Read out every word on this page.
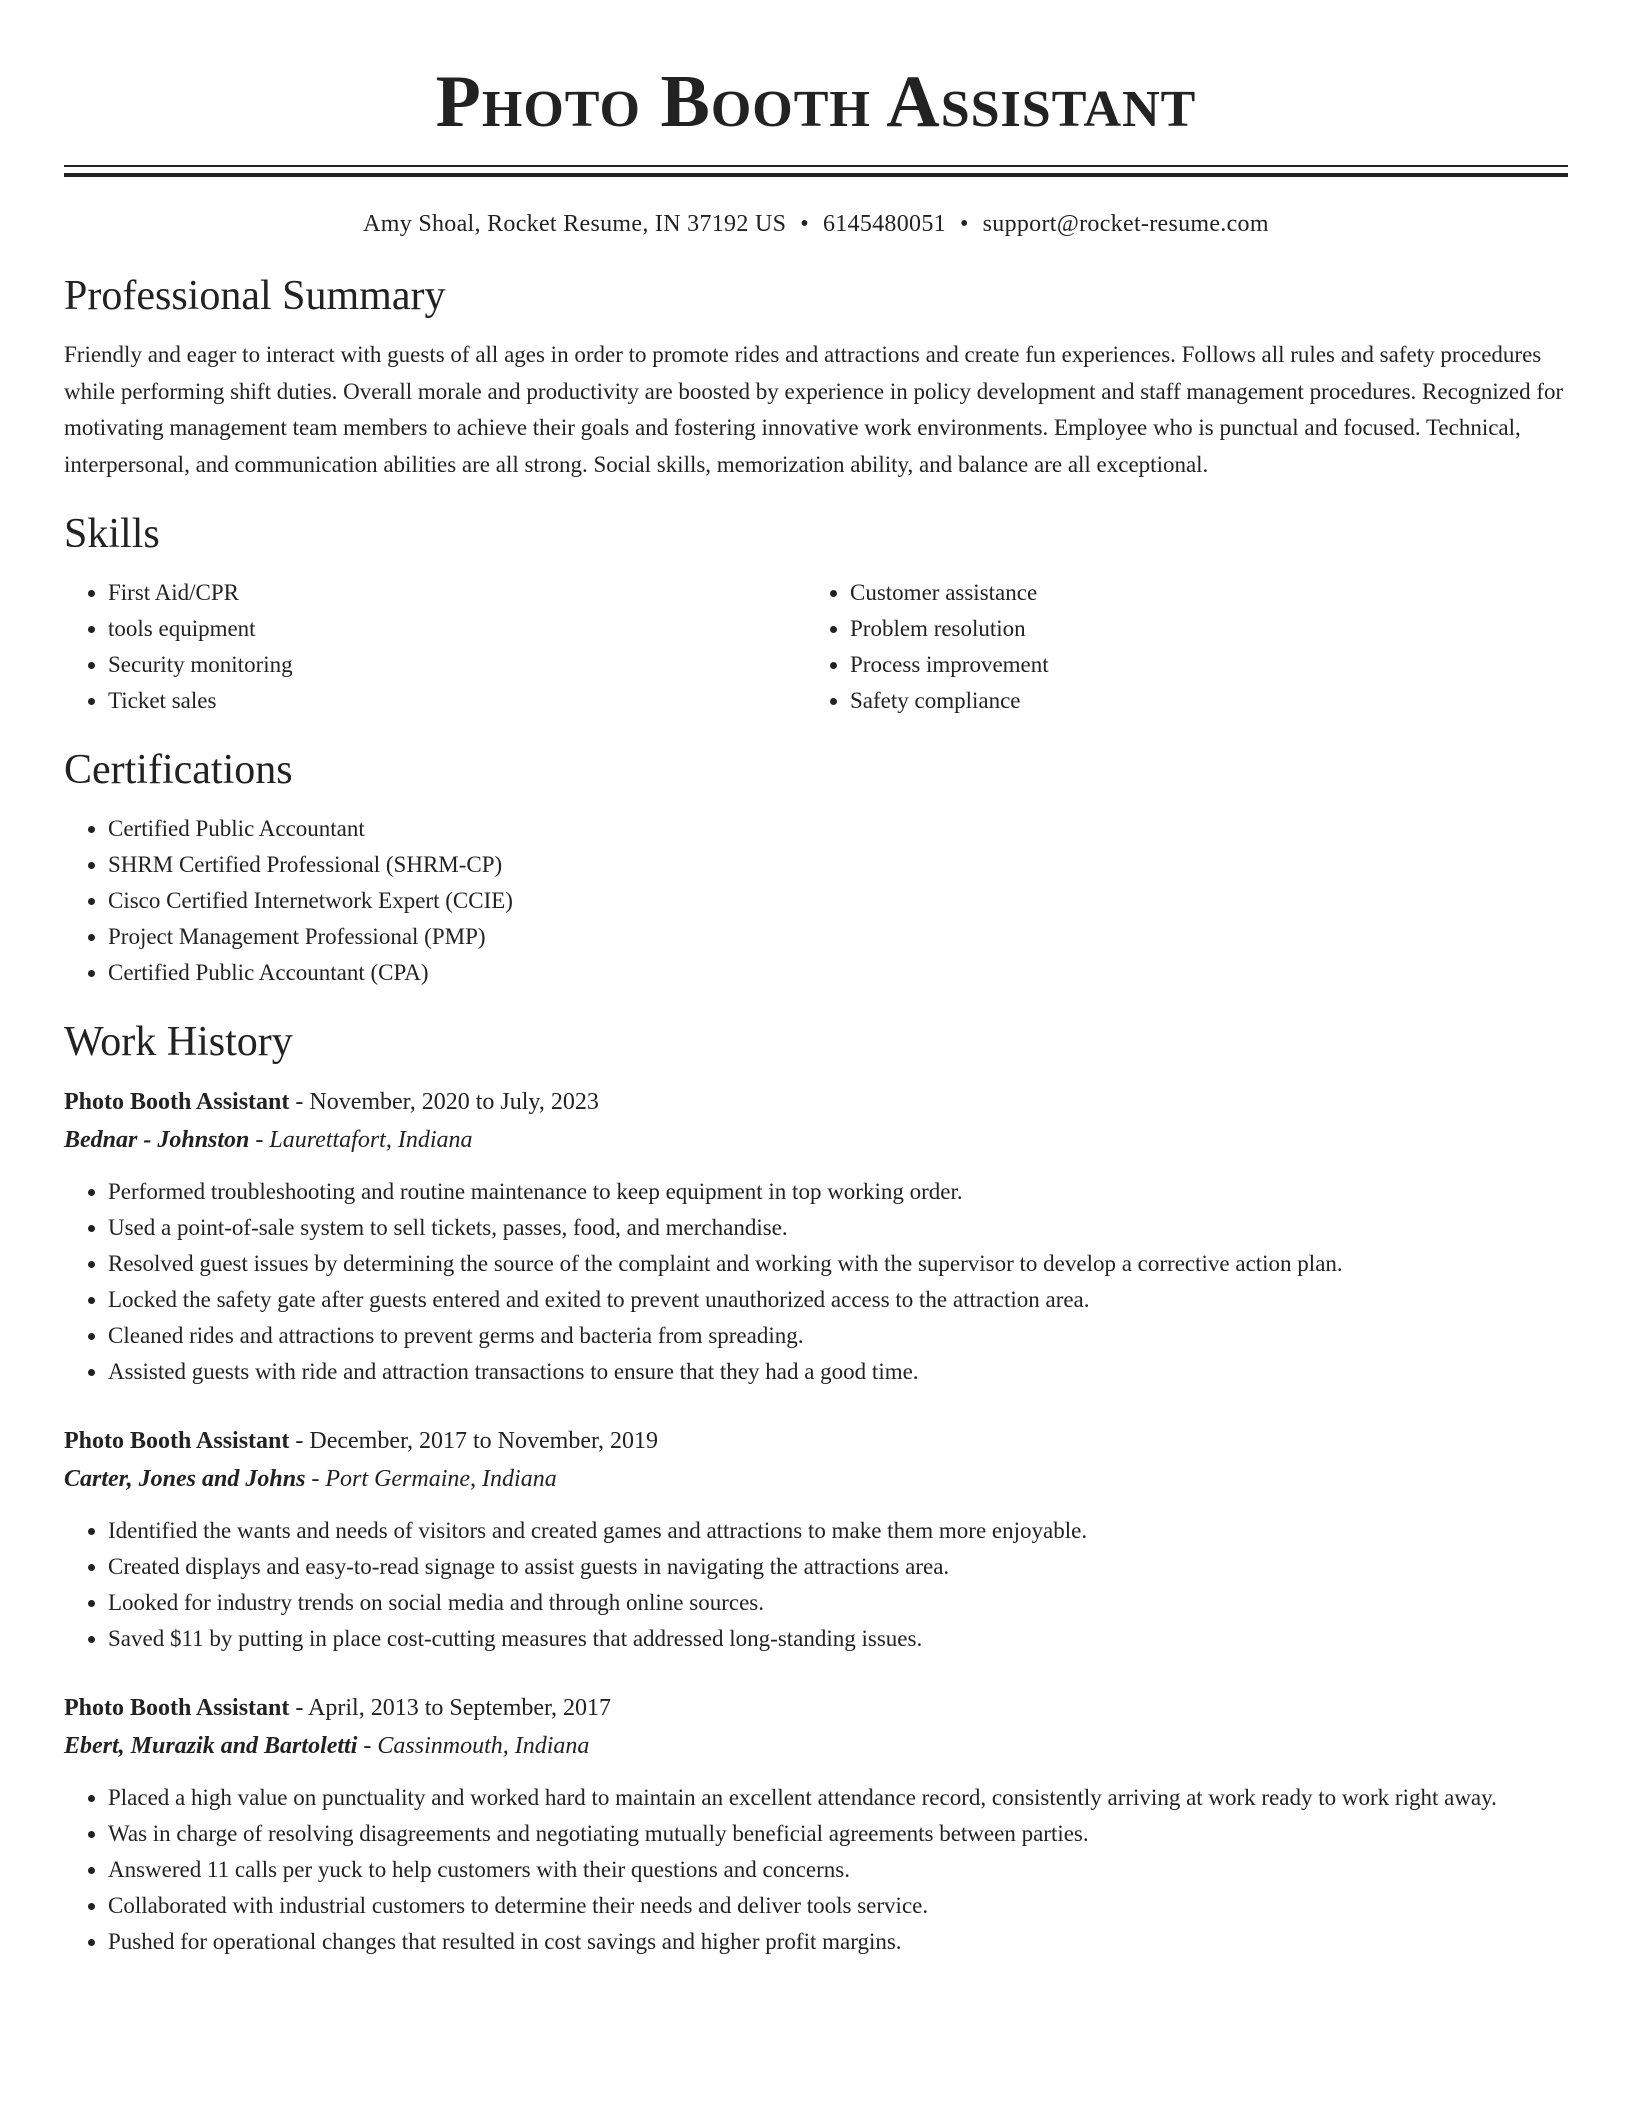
Photo Booth Assistant
Amy Shoal, Rocket Resume, IN 37192 US • 6145480051 • support@rocket-resume.com
Professional Summary

Friendly and eager to interact with guests of all ages in order to promote rides and attractions and create fun experiences. Follows all rules and safety procedures while performing shift duties. Overall morale and productivity are boosted by experience in policy development and staff management procedures. Recognized for motivating management team members to achieve their goals and fostering innovative work environments. Employee who is punctual and focused. Technical, interpersonal, and communication abilities are all strong. Social skills, memorization ability, and balance are all exceptional.

Skills
• First Aid/CPR
• tools equipment
• Security monitoring
• Ticket sales
• Customer assistance
• Problem resolution
• Process improvement
• Safety compliance
Certifications
• Certified Public Accountant
• SHRM Certified Professional (SHRM-CP)
• Cisco Certified Internetwork Expert (CCIE)
• Project Management Professional (PMP)
• Certified Public Accountant (CPA)
Work History
Photo Booth Assistant - November, 2020 to July, 2023
Bednar - Johnston - Laurettafort, Indiana
• Performed troubleshooting and routine maintenance to keep equipment in top working order.
• Used a point-of-sale system to sell tickets, passes, food, and merchandise.
• Resolved guest issues by determining the source of the complaint and working with the supervisor to develop a corrective action plan.
• Locked the safety gate after guests entered and exited to prevent unauthorized access to the attraction area.
• Cleaned rides and attractions to prevent germs and bacteria from spreading.
• Assisted guests with ride and attraction transactions to ensure that they had a good time.
Photo Booth Assistant - December, 2017 to November, 2019
Carter, Jones and Johns - Port Germaine, Indiana
• Identified the wants and needs of visitors and created games and attractions to make them more enjoyable.
• Created displays and easy-to-read signage to assist guests in navigating the attractions area.
• Looked for industry trends on social media and through online sources.
• Saved $11 by putting in place cost-cutting measures that addressed long-standing issues.
Photo Booth Assistant - April, 2013 to September, 2017
Ebert, Murazik and Bartoletti - Cassinmouth, Indiana
• Placed a high value on punctuality and worked hard to maintain an excellent attendance record, consistently arriving at work ready to work right away.
• Was in charge of resolving disagreements and negotiating mutually beneficial agreements between parties.
• Answered 11 calls per yuck to help customers with their questions and concerns.
• Collaborated with industrial customers to determine their needs and deliver tools service.
• Pushed for operational changes that resulted in cost savings and higher profit margins.
